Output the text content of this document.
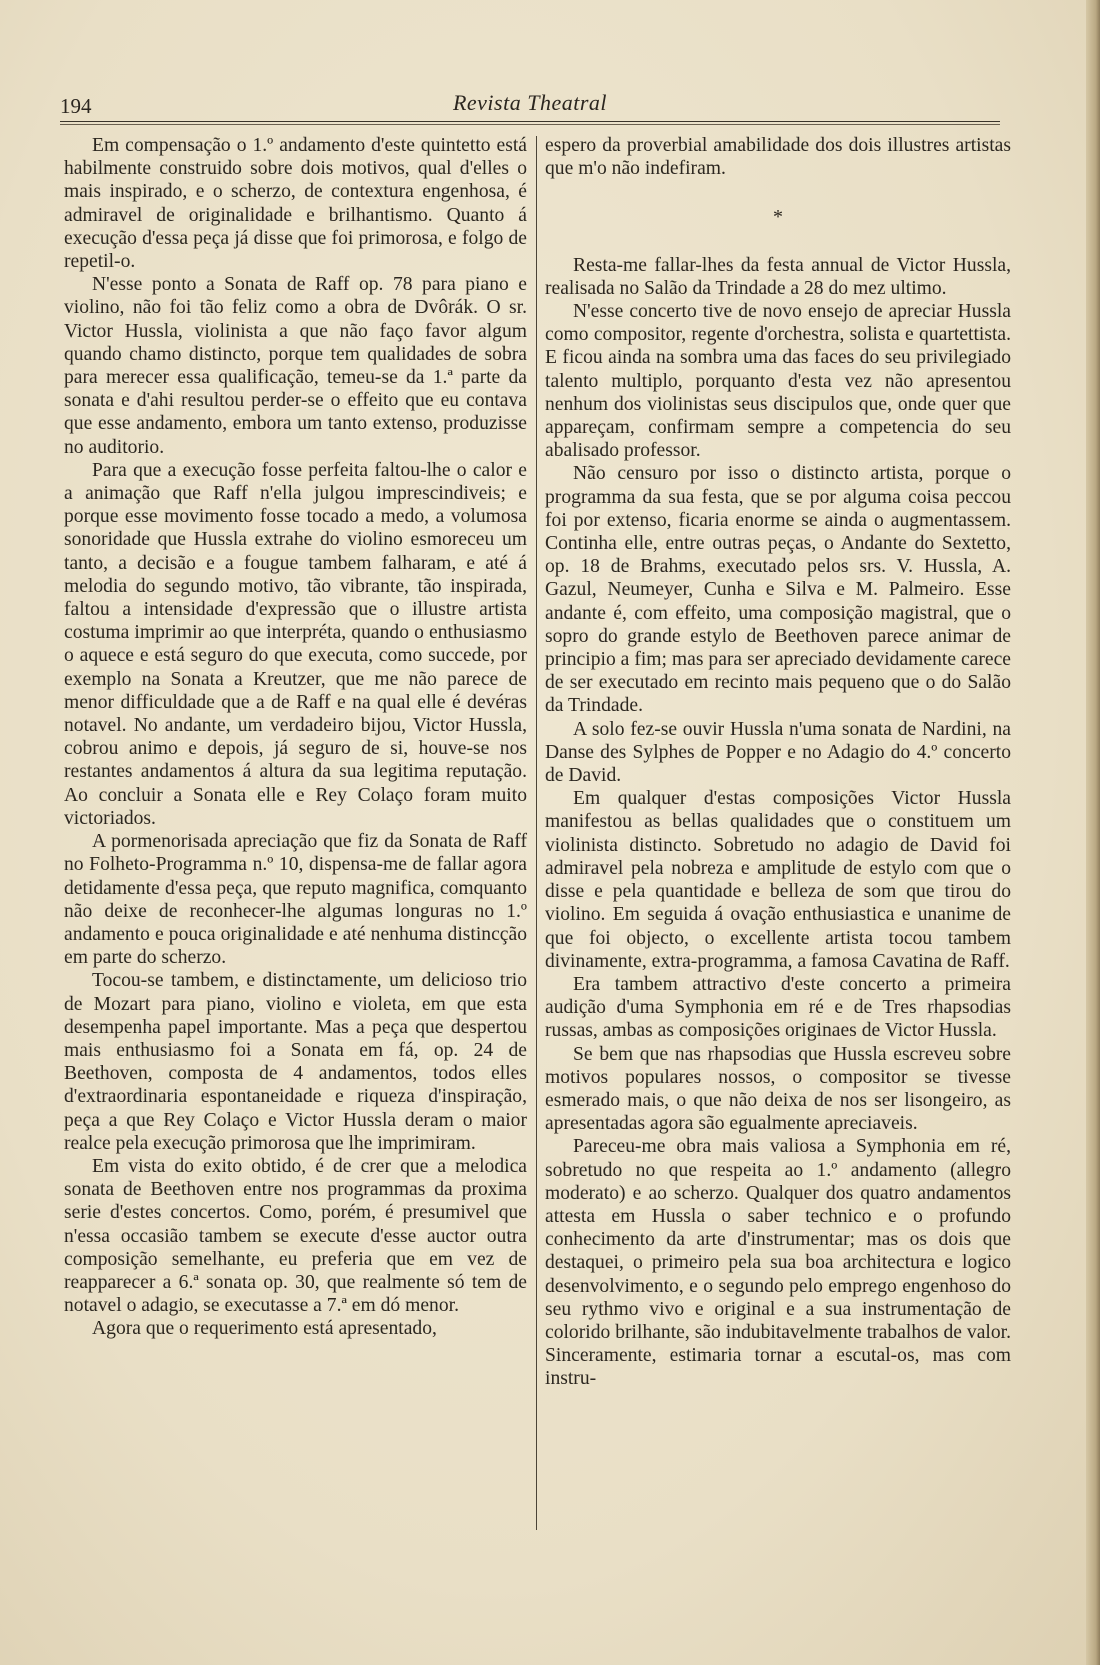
194	Revista Theatral

Em compensação o 1.º andamento d'este quintetto está habilmente construido sobre dois motivos, qual d'elles o mais inspirado, e o scherzo, de contextura engenhosa, é admiravel de originalidade e brilhantismo. Quanto á execução d'essa peça já disse que foi primorosa, e folgo de repetil-o.

N'esse ponto a Sonata de Raff op. 78 para piano e violino, não foi tão feliz como a obra de Dvôrák. O sr. Victor Hussla, violinista a que não faço favor algum quando chamo distincto, porque tem qualidades de sobra para merecer essa qualificação, temeu-se da 1.ª parte da sonata e d'ahi resultou perder-se o effeito que eu contava que esse andamento, embora um tanto extenso, produzisse no auditorio.

Para que a execução fosse perfeita faltou-lhe o calor e a animação que Raff n'ella julgou imprescindiveis; e porque esse movimento fosse tocado a medo, a volumosa sonoridade que Hussla extrahe do violino esmoreceu um tanto, a decisão e a fougue tambem falharam, e até á melodia do segundo motivo, tão vibrante, tão inspirada, faltou a intensidade d'expressão que o illustre artista costuma imprimir ao que interpréta, quando o enthusiasmo o aquece e está seguro do que executa, como succede, por exemplo na Sonata a Kreutzer, que me não parece de menor difficuldade que a de Raff e na qual elle é devéras notavel. No andante, um verdadeiro bijou, Victor Hussla, cobrou animo e depois, já seguro de si, houve-se nos restantes andamentos á altura da sua legitima reputação. Ao concluir a Sonata elle e Rey Colaço foram muito victoriados.

A pormenorisada apreciação que fiz da Sonata de Raff no Folheto-Programma n.º 10, dispensa-me de fallar agora detidamente d'essa peça, que reputo magnifica, comquanto não deixe de reconhecer-lhe algumas longuras no 1.º andamento e pouca originalidade e até nenhuma distincção em parte do scherzo.

Tocou-se tambem, e distinctamente, um delicioso trio de Mozart para piano, violino e violeta, em que esta desempenha papel importante. Mas a peça que despertou mais enthusiasmo foi a Sonata em fá, op. 24 de Beethoven, composta de 4 andamentos, todos elles d'extraordinaria espontaneidade e riqueza d'inspiração, peça a que Rey Colaço e Victor Hussla deram o maior realce pela execução primorosa que lhe imprimiram.

Em vista do exito obtido, é de crer que a melodica sonata de Beethoven entre nos programmas da proxima serie d'estes concertos. Como, porém, é presumivel que n'essa occasião tambem se execute d'esse auctor outra composição semelhante, eu preferia que em vez de reapparecer a 6.ª sonata op. 30, que realmente só tem de notavel o adagio, se executasse a 7.ª em dó menor.

Agora que o requerimento está apresentado,

espero da proverbial amabilidade dos dois illustres artistas que m'o não indefiram.

*

Resta-me fallar-lhes da festa annual de Victor Hussla, realisada no Salão da Trindade a 28 do mez ultimo.

N'esse concerto tive de novo ensejo de apreciar Hussla como compositor, regente d'orchestra, solista e quartettista. E ficou ainda na sombra uma das faces do seu privilegiado talento multiplo, porquanto d'esta vez não apresentou nenhum dos violinistas seus discipulos que, onde quer que appareçam, confirmam sempre a competencia do seu abalisado professor.

Não censuro por isso o distincto artista, porque o programma da sua festa, que se por alguma coisa peccou foi por extenso, ficaria enorme se ainda o augmentassem. Continha elle, entre outras peças, o Andante do Sextetto, op. 18 de Brahms, executado pelos srs. V. Hussla, A. Gazul, Neumeyer, Cunha e Silva e M. Palmeiro. Esse andante é, com effeito, uma composição magistral, que o sopro do grande estylo de Beethoven parece animar de principio a fim; mas para ser apreciado devidamente carece de ser executado em recinto mais pequeno que o do Salão da Trindade.

A solo fez-se ouvir Hussla n'uma sonata de Nardini, na Danse des Sylphes de Popper e no Adagio do 4.º concerto de David.

Em qualquer d'estas composições Victor Hussla manifestou as bellas qualidades que o constituem um violinista distincto. Sobretudo no adagio de David foi admiravel pela nobreza e amplitude de estylo com que o disse e pela quantidade e belleza de som que tirou do violino. Em seguida á ovação enthusiastica e unanime de que foi objecto, o excellente artista tocou tambem divinamente, extra-programma, a famosa Cavatina de Raff.

Era tambem attractivo d'este concerto a primeira audição d'uma Symphonia em ré e de Tres rhapsodias russas, ambas as composições originaes de Victor Hussla.

Se bem que nas rhapsodias que Hussla escreveu sobre motivos populares nossos, o compositor se tivesse esmerado mais, o que não deixa de nos ser lisongeiro, as apresentadas agora são egualmente apreciaveis.

Pareceu-me obra mais valiosa a Symphonia em ré, sobretudo no que respeita ao 1.º andamento (allegro moderato) e ao scherzo. Qualquer dos quatro andamentos attesta em Hussla o saber technico e o profundo conhecimento da arte d'instrumentar; mas os dois que destaquei, o primeiro pela sua boa architectura e logico desenvolvimento, e o segundo pelo emprego engenhoso do seu rythmo vivo e original e a sua instrumentação de colorido brilhante, são indubitavelmente trabalhos de valor. Sinceramente, estimaria tornar a escutal-os, mas com instru-
